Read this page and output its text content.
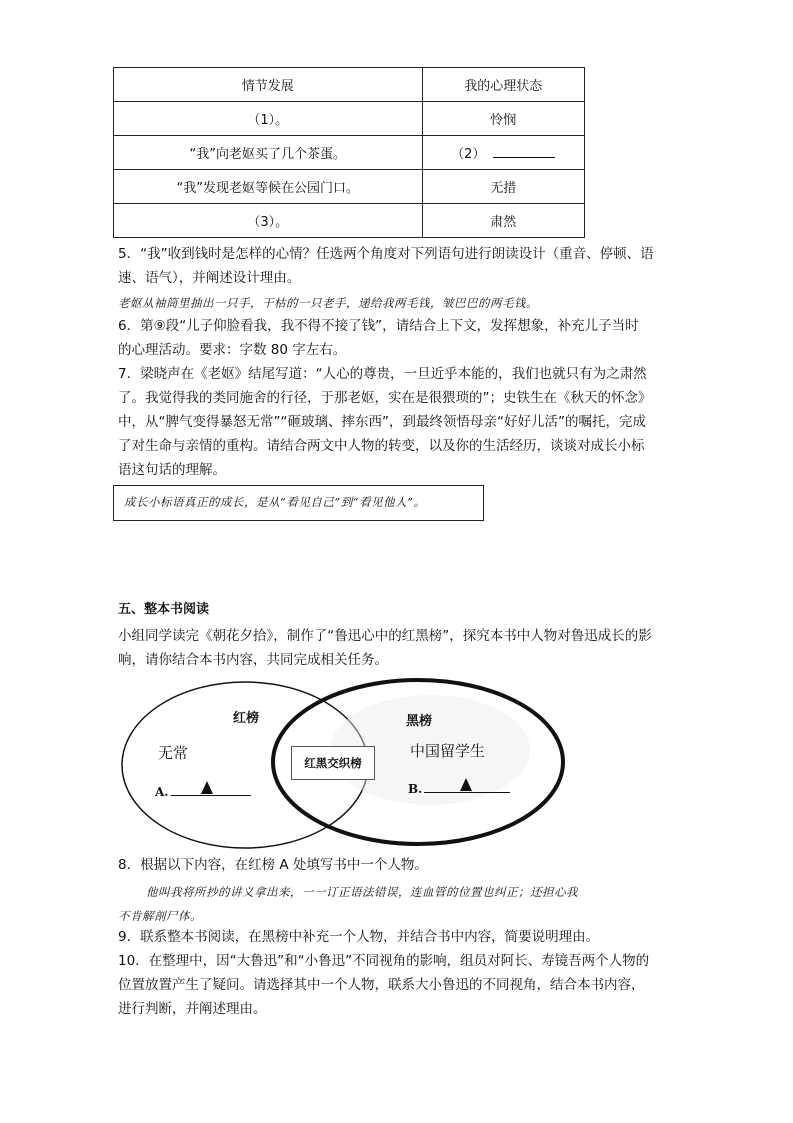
情节发展	我的心理状态
（1）。	怜悯
“我”向老妪买了几个茶蛋。	（2）
“我”发现老妪等候在公园门口。	无措
（3）。	肃然

5．“我”收到钱时是怎样的心情？任选两个角度对下列语句进行朗读设计（重音、停顿、语

速、语气），并阐述设计理由。

老妪从袖筒里抽出一只手，干枯的一只老手，递给我两毛钱，皱巴巴的两毛钱。

6．第⑨段“儿子仰脸看我，我不得不接了钱”，请结合上下文，发挥想象，补充儿子当时

的心理活动。要求：字数 80 字左右。

7．梁晓声在《老妪》结尾写道：“人心的尊贵，一旦近乎本能的，我们也就只有为之肃然

了。我觉得我的类同施舍的行径，于那老妪，实在是很猥琐的”；史铁生在《秋天的怀念》

中，从“脾气变得暴怒无常”“砸玻璃、摔东西”，到最终领悟母亲“好好儿活”的嘱托，完成

了对生命与亲情的重构。请结合两文中人物的转变，以及你的生活经历，谈谈对成长小标

语这句话的理解。

成长小标语真正的成长，是从“看见自己”到“看见他人”。

五、整本书阅读

小组同学读完《朝花夕拾》，制作了“鲁迅心中的红黑榜”，探究本书中人物对鲁迅成长的影

响，请你结合本书内容，共同完成相关任务。

红榜	黑榜

无常	中国留学生

红黑交织榜
A.	B.

8．根据以下内容，在红榜 A 处填写书中一个人物。

他叫我将所抄的讲义拿出来，一一订正语法错误，连血管的位置也纠正；还担心我

不肯解剖尸体。

9．联系整本书阅读，在黑榜中补充一个人物，并结合书中内容，简要说明理由。

10．在整理中，因“大鲁迅”和“小鲁迅”不同视角的影响，组员对阿长、寿镜吾两个人物的

位置放置产生了疑问。请选择其中一个人物，联系大小鲁迅的不同视角，结合本书内容，

进行判断，并阐述理由。
